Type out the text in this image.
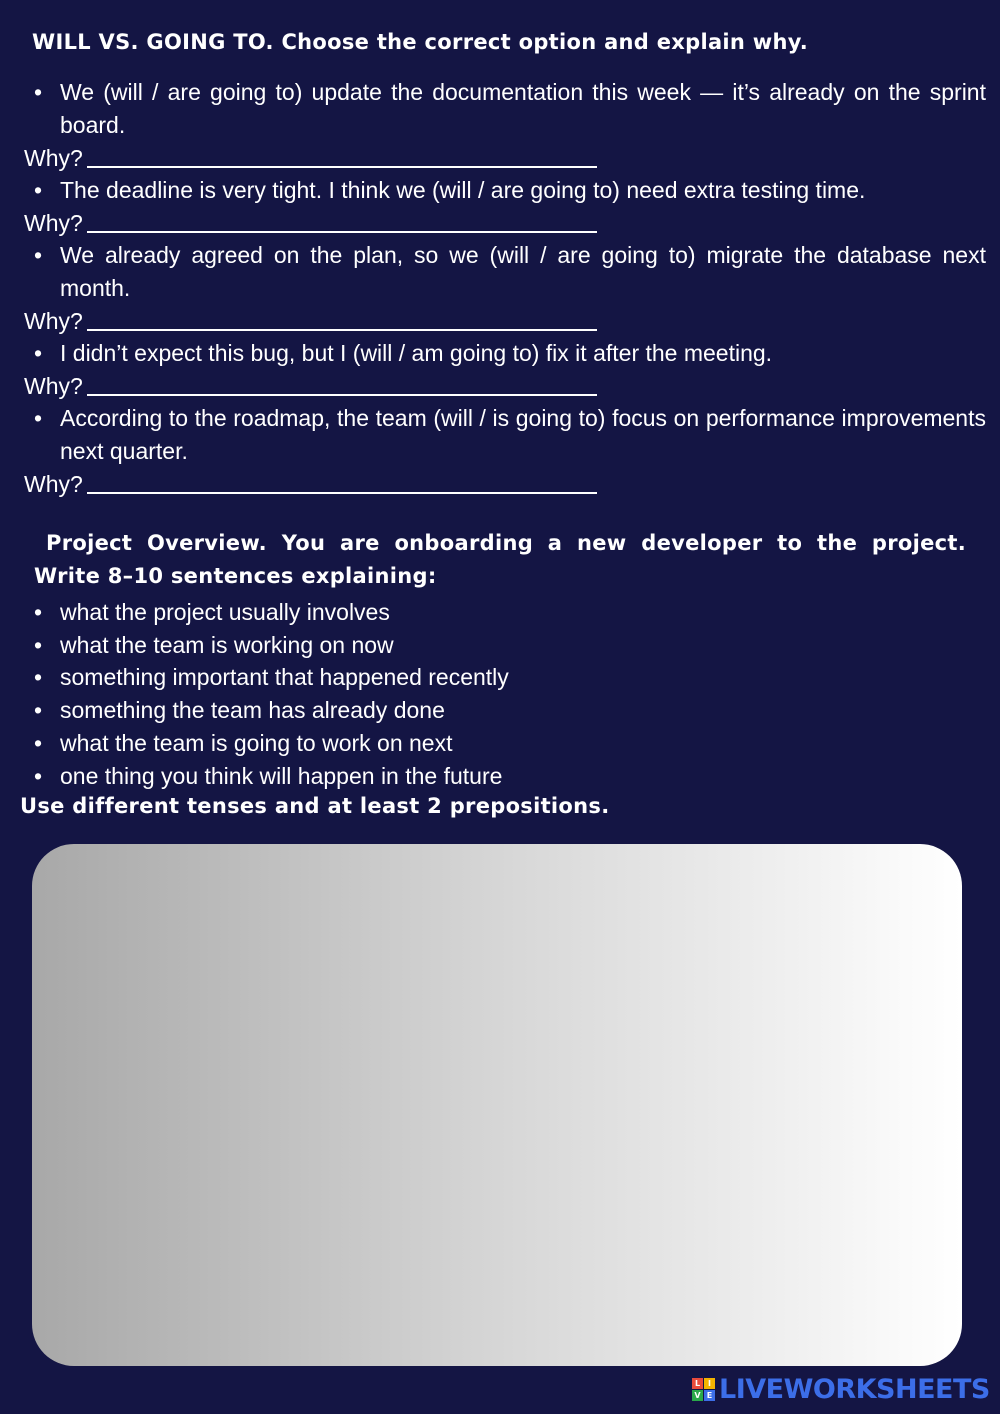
WILL VS. GOING TO. Choose the correct option and explain why.
• We (will / are going to) update the documentation this week — it’s already on the sprint board.
Why?
• The deadline is very tight. I think we (will / are going to) need extra testing time.
Why?
• We already agreed on the plan, so we (will / are going to) migrate the database next month.
Why?
• I didn’t expect this bug, but I (will / am going to) fix it after the meeting.
Why?
• According to the roadmap, the team (will / is going to) focus on performance improvements next quarter.
Why?
Project Overview. You are onboarding a new developer to the project.
Write 8–10 sentences explaining:
• what the project usually involves
• what the team is working on now
• something important that happened recently
• something the team has already done
• what the team is going to work on next
• one thing you think will happen in the future
Use different tenses and at least 2 prepositions.
L I
V E LIVEWORKSHEETS
